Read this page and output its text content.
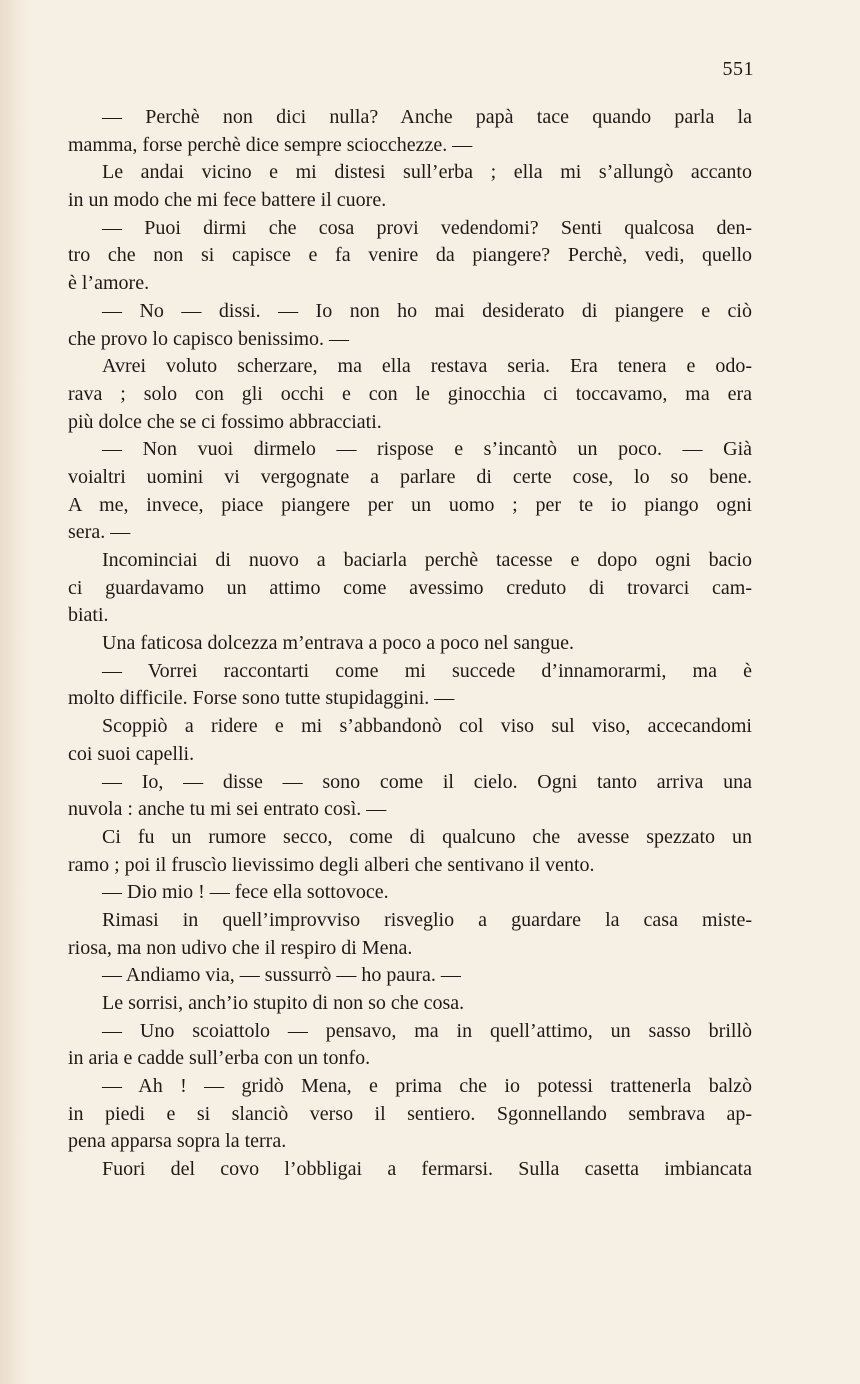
551
— Perchè non dici nulla? Anche papà tace quando parla la
mamma, forse perchè dice sempre sciocchezze. —
Le andai vicino e mi distesi sull’erba ; ella mi s’allungò accanto
in un modo che mi fece battere il cuore.
— Puoi dirmi che cosa provi vedendomi? Senti qualcosa den-
tro che non si capisce e fa venire da piangere? Perchè, vedi, quello
è l’amore.
— No — dissi. — Io non ho mai desiderato di piangere e ciò
che provo lo capisco benissimo. —
Avrei voluto scherzare, ma ella restava seria. Era tenera e odo-
rava ; solo con gli occhi e con le ginocchia ci toccavamo, ma era
più dolce che se ci fossimo abbracciati.
— Non vuoi dirmelo — rispose e s’incantò un poco. — Già
voialtri uomini vi vergognate a parlare di certe cose, lo so bene.
A me, invece, piace piangere per un uomo ; per te io piango ogni
sera. —
Incominciai di nuovo a baciarla perchè tacesse e dopo ogni bacio
ci guardavamo un attimo come avessimo creduto di trovarci cam-
biati.
Una faticosa dolcezza m’entrava a poco a poco nel sangue.
— Vorrei raccontarti come mi succede d’innamorarmi, ma è
molto difficile. Forse sono tutte stupidaggini. —
Scoppiò a ridere e mi s’abbandonò col viso sul viso, accecandomi
coi suoi capelli.
— Io, — disse — sono come il cielo. Ogni tanto arriva una
nuvola : anche tu mi sei entrato così. —
Ci fu un rumore secco, come di qualcuno che avesse spezzato un
ramo ; poi il fruscìo lievissimo degli alberi che sentivano il vento.
— Dio mio ! — fece ella sottovoce.
Rimasi in quell’improvviso risveglio a guardare la casa miste-
riosa, ma non udivo che il respiro di Mena.
— Andiamo via, — sussurrò — ho paura. —
Le sorrisi, anch’io stupito di non so che cosa.
— Uno scoiattolo — pensavo, ma in quell’attimo, un sasso brillò
in aria e cadde sull’erba con un tonfo.
— Ah ! — gridò Mena, e prima che io potessi trattenerla balzò
in piedi e si slanciò verso il sentiero. Sgonnellando sembrava ap-
pena apparsa sopra la terra.
Fuori del covo l’obbligai a fermarsi. Sulla casetta imbiancata
